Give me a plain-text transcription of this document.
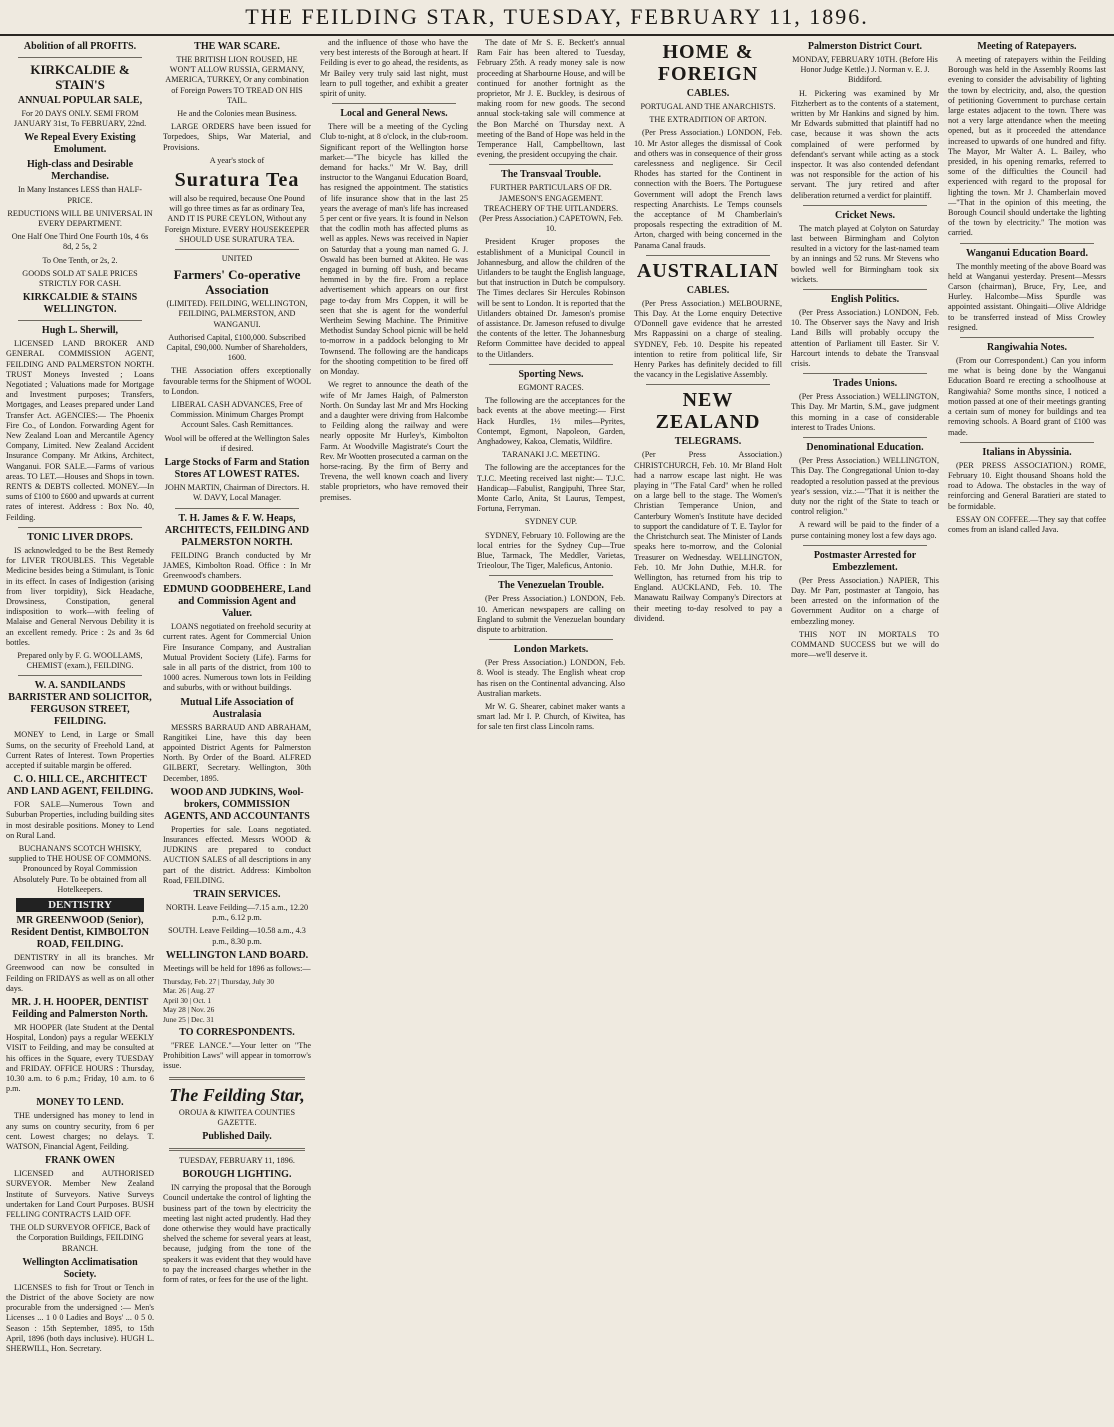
THE FEILDING STAR, TUESDAY, FEBRUARY 11, 1896.
Abolition of all PROFITS.
KIRKCALDIE & STAIN'S
ANNUAL POPULAR SALE,

For 20 DAYS ONLY. SEMI FROM JANUARY 31st, To FEBRUARY, 22nd.

We Repeal Every Existing Emolument.
High-class and Desirable Merchandise.

In Many Instances LESS than HALF-PRICE.

REDUCTIONS WILL BE UNIVERSAL IN EVERY DEPARTMENT.

One Half One Third One Fourth 10s, 4 6s 8d, 2 5s, 2

To One Tenth, or 2s, 2.

GOODS SOLD AT SALE PRICES STRICTLY FOR CASH.

KIRKCALDIE & STAINS WELLINGTON.
Hugh L. Sherwill,

LICENSED LAND BROKER AND GENERAL COMMISSION AGENT, FEILDING AND PALMERSTON NORTH. TRUST Moneys Invested ; Loans Negotiated ; Valuations made for Mortgage and Investment purposes; Transfers, Mortgages, and Leases prepared under Land Transfer Act. AGENCIES:— The Phoenix Fire Co., of London. Forwarding Agent for New Zealand Loan and Mercantile Agency Company, Limited. New Zealand Accident Insurance Company. Mr Atkins, Architect, Wanganui. FOR SALE.—Farms of various areas. TO LET.—Houses and Shops in town. RENTS & DEBTS collected. MONEY.—In sums of £100 to £600 and upwards at current rates of interest. Address : Box No. 40, Feilding.

TONIC LIVER DROPS.

IS acknowledged to be the Best Remedy for LIVER TROUBLES. This Vegetable Medicine besides being a Stimulant, is Tonic in its effect. In cases of Indigestion (arising from liver torpidity), Sick Headache, Drowsiness, Constipation, general indisposition to work—with feeling of Malaise and General Nervous Debility it is an excellent remedy. Price : 2s and 3s 6d bottles.

Prepared only by F. G. WOOLLAMS, CHEMIST (exam.), FEILDING.

W. A. SANDILANDS BARRISTER AND SOLICITOR, FERGUSON STREET, FEILDING.

MONEY to Lend, in Large or Small Sums, on the security of Freehold Land, at Current Rates of Interest. Town Properties accepted if suitable margin be offered.

C. O. HILL CE., ARCHITECT AND LAND AGENT, FEILDING.

FOR SALE—Numerous Town and Suburban Properties, including building sites in most desirable positions. Money to Lend on Rural Land.

BUCHANAN'S SCOTCH WHISKY, supplied to THE HOUSE OF COMMONS. Pronounced by Royal Commission Absolutely Pure. To be obtained from all Hotelkeepers.

DENTISTRY
MR GREENWOOD (Senior), Resident Dentist, KIMBOLTON ROAD, FEILDING.

DENTISTRY in all its branches. Mr Greenwood can now be consulted in Feilding on FRIDAYS as well as on all other days.

MR. J. H. HOOPER, DENTIST Feilding and Palmerston North.

MR HOOPER (late Student at the Dental Hospital, London) pays a regular WEEKLY VISIT to Feilding, and may be consulted at his offices in the Square, every TUESDAY and FRIDAY. OFFICE HOURS : Thursday, 10.30 a.m. to 6 p.m.; Friday, 10 a.m. to 6 p.m.

MONEY TO LEND.

THE undersigned has money to lend in any sums on country security, from 6 per cent. Lowest charges; no delays. T. WATSON, Financial Agent, Feilding.

FRANK OWEN

LICENSED and AUTHORISED SURVEYOR. Member New Zealand Institute of Surveyors. Native Surveys undertaken for Land Court Purposes. BUSH FELLING CONTRACTS LAID OFF.

THE OLD SURVEYOR OFFICE, Back of the Corporation Buildings, FEILDING BRANCH.

Wellington Acclimatisation Society.

LICENSES to fish for Trout or Tench in the District of the above Society are now procurable from the undersigned :— Men's Licenses ... 1 0 0 Ladies and Boys' ... 0 5 0. Season : 15th September, 1895, to 15th April, 1896 (both days inclusive). HUGH L. SHERWILL, Hon. Secretary.

THE WAR SCARE.

THE BRITISH LION ROUSED, HE WON'T ALLOW RUSSIA, GERMANY, AMERICA, TURKEY, Or any combination of Foreign Powers TO TREAD ON HIS TAIL.

He and the Colonies mean Business.

LARGE ORDERS have been issued for Torpedoes, Ships, War Material, and Provisions.

A year's stock of

Suratura Tea

will also be required, because One Pound will go three times as far as ordinary Tea, AND IT IS PURE CEYLON, Without any Foreign Mixture. EVERY HOUSEKEEPER SHOULD USE SURATURA TEA.

UNITED

Farmers' Co-operative Association

(LIMITED). FEILDING, WELLINGTON, FEILDING, PALMERSTON, AND WANGANUI.

Authorised Capital, £100,000. Subscribed Capital, £90,000. Number of Shareholders, 1600.

THE Association offers exceptionally favourable terms for the Shipment of WOOL to London.

LIBERAL CASH ADVANCES, Free of Commission. Minimum Charges Prompt Account Sales. Cash Remittances.

Wool will be offered at the Wellington Sales if desired.

Large Stocks of Farm and Station Stores AT LOWEST RATES.

JOHN MARTIN, Chairman of Directors. H. W. DAVY, Local Manager.

T. H. James & F. W. Heaps, ARCHITECTS, FEILDING AND PALMERSTON NORTH.

FEILDING Branch conducted by Mr JAMES, Kimbolton Road. Office : In Mr Greenwood's chambers.

EDMUND GOODBEHERE, Land and Commission Agent and Valuer.

LOANS negotiated on freehold security at current rates. Agent for Commercial Union Fire Insurance Company, and Australian Mutual Provident Society (Life). Farms for sale in all parts of the district, from 100 to 1000 acres. Numerous town lots in Feilding and suburbs, with or without buildings.

Mutual Life Association of Australasia

MESSRS BARRAUD AND ABRAHAM, Rangitikei Line, have this day been appointed District Agents for Palmerston North. By Order of the Board. ALFRED GILBERT, Secretary. Wellington, 30th December, 1895.

WOOD AND JUDKINS, Wool-brokers, COMMISSION AGENTS, AND ACCOUNTANTS

Properties for sale. Loans negotiated. Insurances effected. Messrs WOOD & JUDKINS are prepared to conduct AUCTION SALES of all descriptions in any part of the district. Address: Kimbolton Road, FEILDING.

TRAIN SERVICES.

NORTH. Leave Feilding—7.15 a.m., 12.20 p.m., 6.12 p.m.

SOUTH. Leave Feilding—10.58 a.m., 4.3 p.m., 8.30 p.m.

WELLINGTON LAND BOARD.

Meetings will be held for 1896 as follows:—

Thursday, Feb. 27 | Thursday, July 30
Mar. 26 | Aug. 27
April 30 | Oct. 1
May 28 | Nov. 26
June 25 | Dec. 31
TO CORRESPONDENTS.

"FREE LANCE."—Your letter on "The Prohibition Laws" will appear in tomorrow's issue.

The Feilding Star,

OROUA & KIWITEA COUNTIES GAZETTE.

Published Daily.

TUESDAY, FEBRUARY 11, 1896.

BOROUGH LIGHTING.

IN carrying the proposal that the Borough Council undertake the control of lighting the business part of the town by electricity the meeting last night acted prudently. Had they done otherwise they would have practically shelved the scheme for several years at least, because, judging from the tone of the speakers it was evident that they would have to pay the increased charges whether in the form of rates, or fees for the use of the light.

and the influence of those who have the very best interests of the Borough at heart. If Feilding is ever to go ahead, the residents, as Mr Bailey very truly said last night, must learn to pull together, and exhibit a greater spirit of unity.

Local and General News.

There will be a meeting of the Cycling Club to-night, at 8 o'clock, in the club-room. Significant report of the Wellington horse market:—"The bicycle has killed the demand for hacks." Mr W. Bay, drill instructor to the Wanganui Education Board, has resigned the appointment. The statistics of life insurance show that in the last 25 years the average of man's life has increased 5 per cent or five years. It is found in Nelson that the codlin moth has affected plums as well as apples. News was received in Napier on Saturday that a young man named G. J. Oswald has been burned at Akiteo. He was engaged in burning off bush, and became hemmed in by the fire. From a replace advertisement which appears on our first page to-day from Mrs Coppen, it will be seen that she is agent for the wonderful Wertheim Sewing Machine. The Primitive Methodist Sunday School picnic will be held to-morrow in a paddock belonging to Mr Townsend. The following are the handicaps for the shooting competition to be fired off on Monday.

We regret to announce the death of the wife of Mr James Haigh, of Palmerston North. On Sunday last Mr and Mrs Hocking and a daughter were driving from Halcombe to Feilding along the railway and were nearly opposite Mr Hurley's, Kimbolton Farm. At Woodville Magistrate's Court the Rev. Mr Wootten prosecuted a carman on the horse-racing. By the firm of Berry and Trevena, the well known coach and livery stable proprietors, who have removed their premises.

The date of Mr S. E. Beckett's annual Ram Fair has been altered to Tuesday, February 25th. A ready money sale is now proceeding at Sharbourne House, and will be continued for another fortnight as the proprietor, Mr J. E. Buckley, is desirous of making room for new goods. The second annual stock-taking sale will commence at the Bon Marché on Thursday next. A meeting of the Band of Hope was held in the Temperance Hall, Campbelltown, last evening, the president occupying the chair.

The Transvaal Trouble.

FURTHER PARTICULARS OF DR. JAMESON'S ENGAGEMENT. TREACHERY OF THE UITLANDERS. (Per Press Association.) CAPETOWN, Feb. 10.

President Kruger proposes the establishment of a Municipal Council in Johannesburg, and allow the children of the Uitlanders to be taught the English language, but that instruction in Dutch be compulsory. The Times declares Sir Hercules Robinson will be sent to London. It is reported that the Uitlanders obtained Dr. Jameson's promise of assistance. Dr. Jameson refused to divulge the contents of the letter. The Johannesburg Reform Committee have decided to appeal to the Uitlanders.

Sporting News.

EGMONT RACES.

The following are the acceptances for the back events at the above meeting:— First Hack Hurdles, 1½ miles—Pyrites, Contempt, Egmont, Napoleon, Garden, Anghadowey, Kakoa, Clematis, Wildfire.

TARANAKI J.C. MEETING.

The following are the acceptances for the T.J.C. Meeting received last night:— T.J.C. Handicap—Fabulist, Rangipuhi, Three Star, Monte Carlo, Anita, St Laurus, Tempest, Fortuna, Ferryman.

SYDNEY CUP.

SYDNEY, February 10. Following are the local entries for the Sydney Cup—True Blue, Tarmack, The Meddler, Varietas, Trieolour, The Tiger, Maleficus, Antonio.

The Venezuelan Trouble.

(Per Press Association.) LONDON, Feb. 10. American newspapers are calling on England to submit the Venezuelan boundary dispute to arbitration.

London Markets.

(Per Press Association.) LONDON, Feb. 8. Wool is steady. The English wheat crop has risen on the Continental advancing. Also Australian markets.

Mr W. G. Shearer, cabinet maker wants a smart lad. Mr I. P. Church, of Kiwitea, has for sale ten first class Lincoln rams.

HOME & FOREIGN
CABLES.

PORTUGAL AND THE ANARCHISTS.

THE EXTRADITION OF ARTON.

(Per Press Association.) LONDON, Feb. 10. Mr Astor alleges the dismissal of Cook and others was in consequence of their gross carelessness and negligence. Sir Cecil Rhodes has started for the Continent in connection with the Boers. The Portuguese Government will adopt the French laws respecting Anarchists. Le Temps counsels the acceptance of M Chamberlain's proposals respecting the extradition of M. Arton, charged with being concerned in the Panama Canal frauds.

AUSTRALIAN
CABLES.

(Per Press Association.) MELBOURNE, This Day. At the Lorne enquiry Detective O'Donnell gave evidence that he arrested Mrs Rappassini on a charge of stealing. SYDNEY, Feb. 10. Despite his repeated intention to retire from political life, Sir Henry Parkes has definitely decided to fill the vacancy in the Legislative Assembly.

NEW ZEALAND
TELEGRAMS.

(Per Press Association.) CHRISTCHURCH, Feb. 10. Mr Bland Holt had a narrow escape last night. He was playing in "The Fatal Card" when he rolled on a large bell to the stage. The Women's Christian Temperance Union, and Canterbury Women's Institute have decided to support the candidature of T. E. Taylor for the Christchurch seat. The Minister of Lands speaks here to-morrow, and the Colonial Treasurer on Wednesday. WELLINGTON, Feb. 10. Mr John Duthie, M.H.R. for Wellington, has returned from his trip to England. AUCKLAND, Feb. 10. The Manawatu Railway Company's Directors at their meeting to-day resolved to pay a dividend.

Palmerston District Court.

MONDAY, FEBRUARY 10TH. (Before His Honor Judge Kettle.) J. Norman v. E. J. Biddiford.

H. Pickering was examined by Mr Fitzherbert as to the contents of a statement, written by Mr Hankins and signed by him. Mr Edwards submitted that plaintiff had no case, because it was shown the acts complained of were performed by defendant's servant while acting as a stock inspector. It was also contended defendant was not responsible for the action of his servant. The jury retired and after deliberation returned a verdict for plaintiff.

Cricket News.

The match played at Colyton on Saturday last between Birmingham and Colyton resulted in a victory for the last-named team by an innings and 52 runs. Mr Stevens who bowled well for Birmingham took six wickets.

English Politics.

(Per Press Association.) LONDON, Feb. 10. The Observer says the Navy and Irish Land Bills will probably occupy the attention of Parliament till Easter. Sir V. Harcourt intends to debate the Transvaal crisis.

Trades Unions.

(Per Press Association.) WELLINGTON, This Day. Mr Martin, S.M., gave judgment this morning in a case of considerable interest to Trades Unions.

Denominational Education.

(Per Press Association.) WELLINGTON, This Day. The Congregational Union to-day readopted a resolution passed at the previous year's session, viz.:—"That it is neither the duty nor the right of the State to teach or control religion."

A reward will be paid to the finder of a purse containing money lost a few days ago.

Postmaster Arrested for Embezzlement.

(Per Press Association.) NAPIER, This Day. Mr Parr, postmaster at Tangoio, has been arrested on the information of the Government Auditor on a charge of embezzling money.

THIS NOT IN MORTALS TO COMMAND SUCCESS but we will do more—we'll deserve it.

Meeting of Ratepayers.

A meeting of ratepayers within the Feilding Borough was held in the Assembly Rooms last evening to consider the advisability of lighting the town by electricity, and, also, the question of petitioning Government to purchase certain large estates adjacent to the town. There was not a very large attendance when the meeting opened, but as it proceeded the attendance increased to upwards of one hundred and fifty. The Mayor, Mr Walter A. L. Bailey, who presided, in his opening remarks, referred to some of the difficulties the Council had experienced with regard to the proposal for lighting the town. Mr J. Chamberlain moved—"That in the opinion of this meeting, the Borough Council should undertake the lighting of the town by electricity." The motion was carried.

Wanganui Education Board.

The monthly meeting of the above Board was held at Wanganui yesterday. Present—Messrs Carson (chairman), Bruce, Fry, Lee, and Hurley. Halcombe—Miss Spurdle was appointed assistant. Ohingaiti—Olive Aldridge to be transferred instead of Miss Crowley resigned.

Rangiwahia Notes.

(From our Correspondent.) Can you inform me what is being done by the Wanganui Education Board re erecting a schoolhouse at Rangiwahia? Some months since, I noticed a motion passed at one of their meetings granting a certain sum of money for buildings and tea removing schools. A Board grant of £100 was made.

Italians in Abyssinia.

(PER PRESS ASSOCIATION.) ROME, February 10. Eight thousand Shoans hold the road to Adowa. The obstacles in the way of reinforcing and General Baratieri are stated to be formidable.

ESSAY ON COFFEE.—They say that coffee comes from an island called Java.
